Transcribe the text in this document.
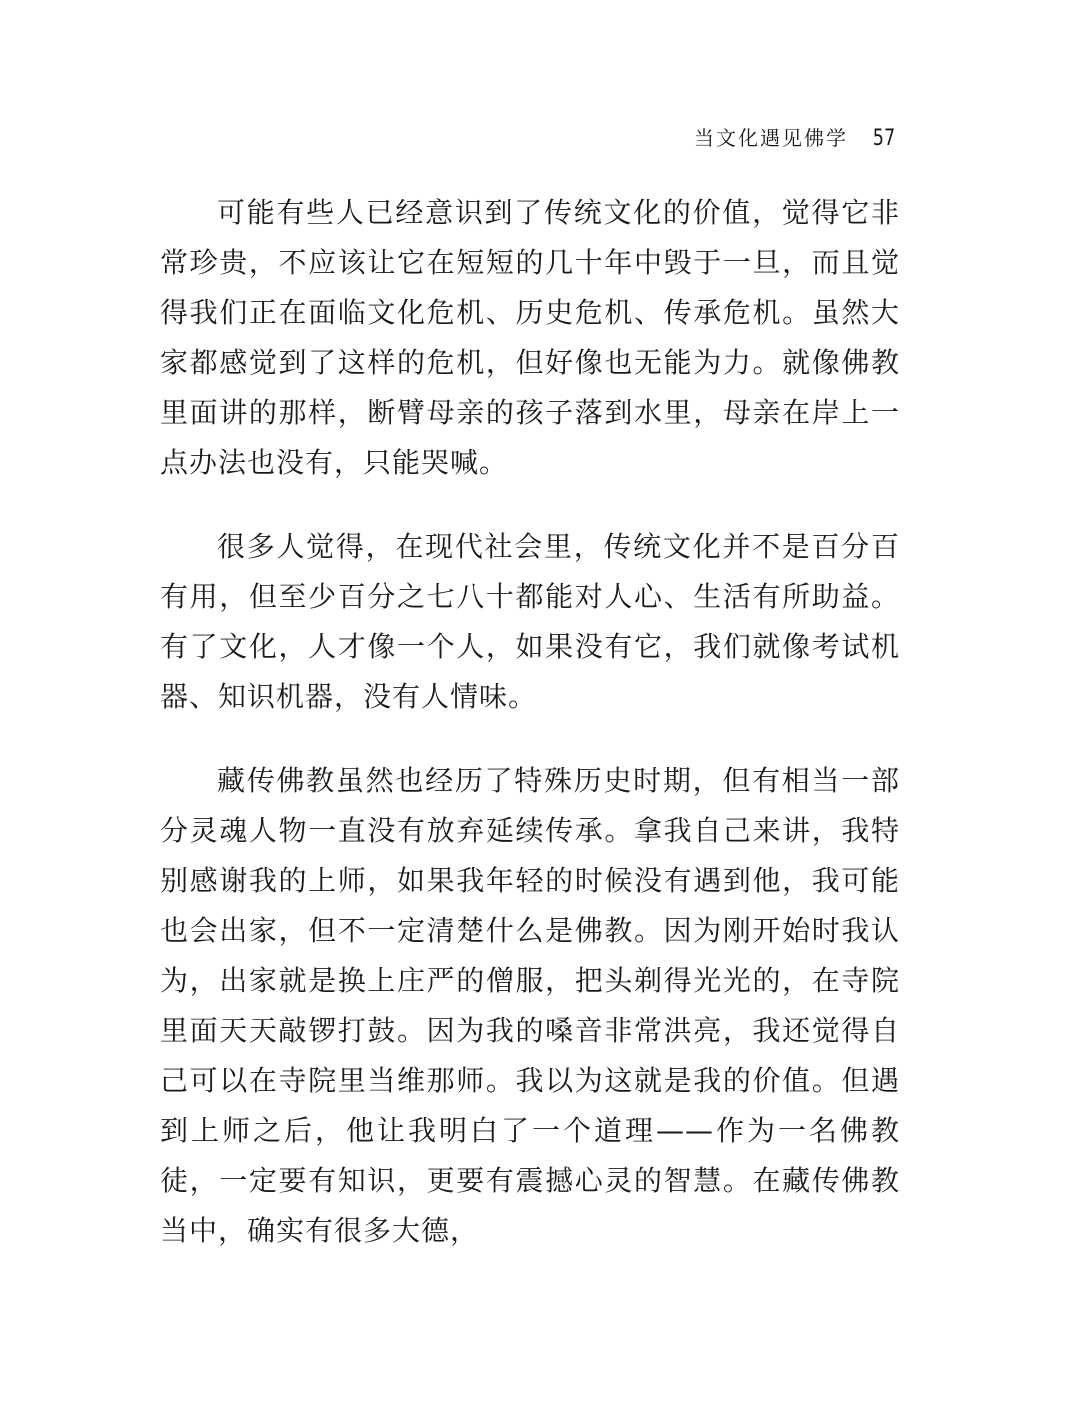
当文化遇见佛学 57

可能有些人已经意识到了传统文化的价值，觉得它非常珍贵，不应该让它在短短的几十年中毁于一旦，而且觉得我们正在面临文化危机、历史危机、传承危机。虽然大家都感觉到了这样的危机，但好像也无能为力。就像佛教里面讲的那样，断臂母亲的孩子落到水里，母亲在岸上一点办法也没有，只能哭喊。

很多人觉得，在现代社会里，传统文化并不是百分百有用，但至少百分之七八十都能对人心、生活有所助益。有了文化，人才像一个人，如果没有它，我们就像考试机器、知识机器，没有人情味。

藏传佛教虽然也经历了特殊历史时期，但有相当一部分灵魂人物一直没有放弃延续传承。拿我自己来讲，我特别感谢我的上师，如果我年轻的时候没有遇到他，我可能也会出家，但不一定清楚什么是佛教。因为刚开始时我认为，出家就是换上庄严的僧服，把头剃得光光的，在寺院里面天天敲锣打鼓。因为我的嗓音非常洪亮，我还觉得自己可以在寺院里当维那师。我以为这就是我的价值。但遇到上师之后，他让我明白了一个道理——作为一名佛教徒，一定要有知识，更要有震撼心灵的智慧。在藏传佛教当中，确实有很多大德，
